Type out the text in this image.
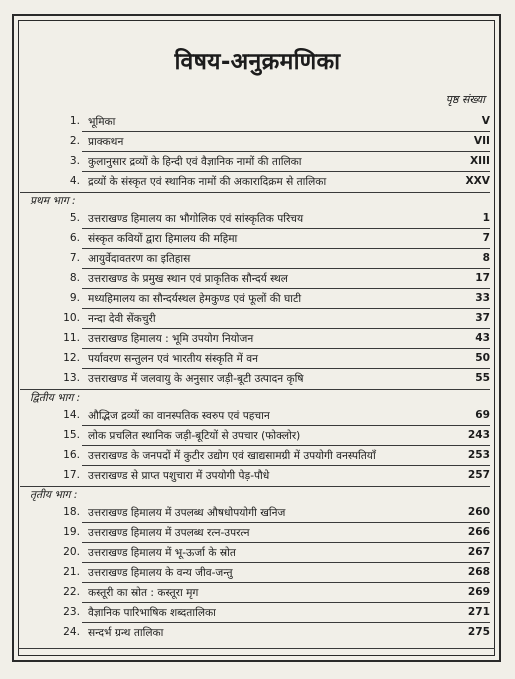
विषय-अनुक्रमणिका
पृष्ठ संख्या
1. भूमिका	V
2. प्राक्कथन	VII
3. कुलानुसार द्रव्यों के हिन्दी एवं वैज्ञानिक नामों की तालिका	XIII
4. द्रव्यों के संस्कृत एवं स्थानिक नामों की अकारादिक्रम से तालिका	XXV
प्रथम भाग :
5. उत्तराखण्ड हिमालय का भौगोलिक एवं सांस्कृतिक परिचय	1
6. संस्कृत कवियों द्वारा हिमालय की महिमा	7
7. आयुर्वेदावतरण का इतिहास	8
8. उत्तराखण्ड के प्रमुख स्थान एवं प्राकृतिक सौन्दर्य स्थल	17
9. मध्यहिमालय का सौन्दर्यस्थल हेमकुण्ड एवं फूलों की घाटी	33
10. नन्दा देवी सेंकचुरी	37
11. उत्तराखण्ड हिमालय : भूमि उपयोग नियोजन	43
12. पर्यावरण सन्तुलन एवं भारतीय संस्कृति में वन	50
13. उत्तराखण्ड में जलवायु के अनुसार जड़ी-बूटी उत्पादन कृषि	55
द्वितीय भाग :
14. औद्भिज द्रव्यों का वानस्पतिक स्वरुप एवं पहचान	69
15. लोक प्रचलित स्थानिक जड़ी-बूटियों से उपचार (फोक्लोर)	243
16. उत्तराखण्ड के जनपदों में कुटीर उद्योग एवं खाद्यसामग्री में उपयोगी वनस्पतियाँ	253
17. उत्तराखण्ड से प्राप्त पशुचारा में उपयोगी पेड़-पौधे	257
तृतीय भाग :
18. उत्तराखण्ड हिमालय में उपलब्ध औषधोपयोगी खनिज	260
19. उत्तराखण्ड हिमालय में उपलब्ध रत्न-उपरत्न	266
20. उत्तराखण्ड हिमालय में भू-ऊर्जा के स्रोत	267
21. उत्तराखण्ड हिमालय के वन्य जीव-जन्तु	268
22. कस्तूरी का स्रोत : कस्तूरा मृग	269
23. वैज्ञानिक पारिभाषिक शब्दतालिका	271
24. सन्दर्भ ग्रन्थ तालिका	275
